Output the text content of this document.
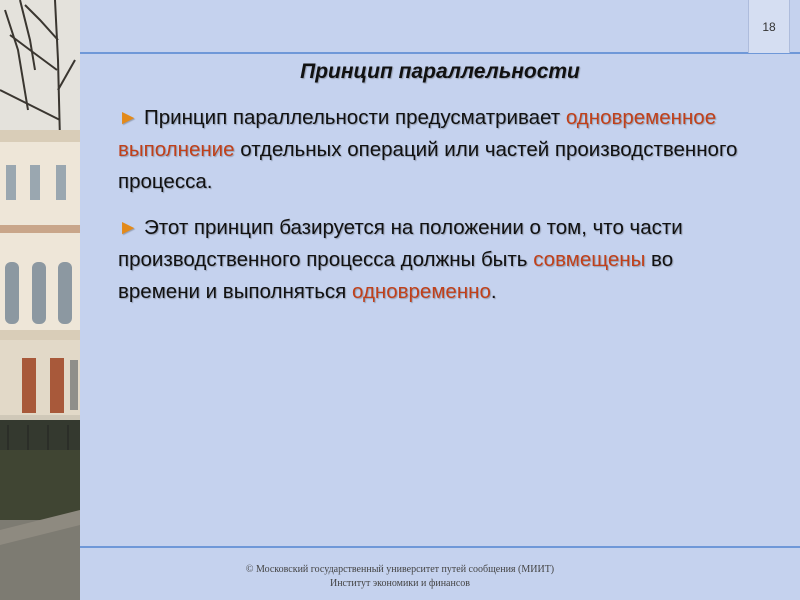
18
Принцип параллельности
► Принцип параллельности предусматривает одновременное выполнение отдельных операций или частей производственного процесса.
► Этот принцип базируется на положении о том, что части производственного процесса должны быть совмещены во времени и выполняться одновременно.
© Московский государственный университет путей сообщения (МИИТ)
Институт экономики и финансов
